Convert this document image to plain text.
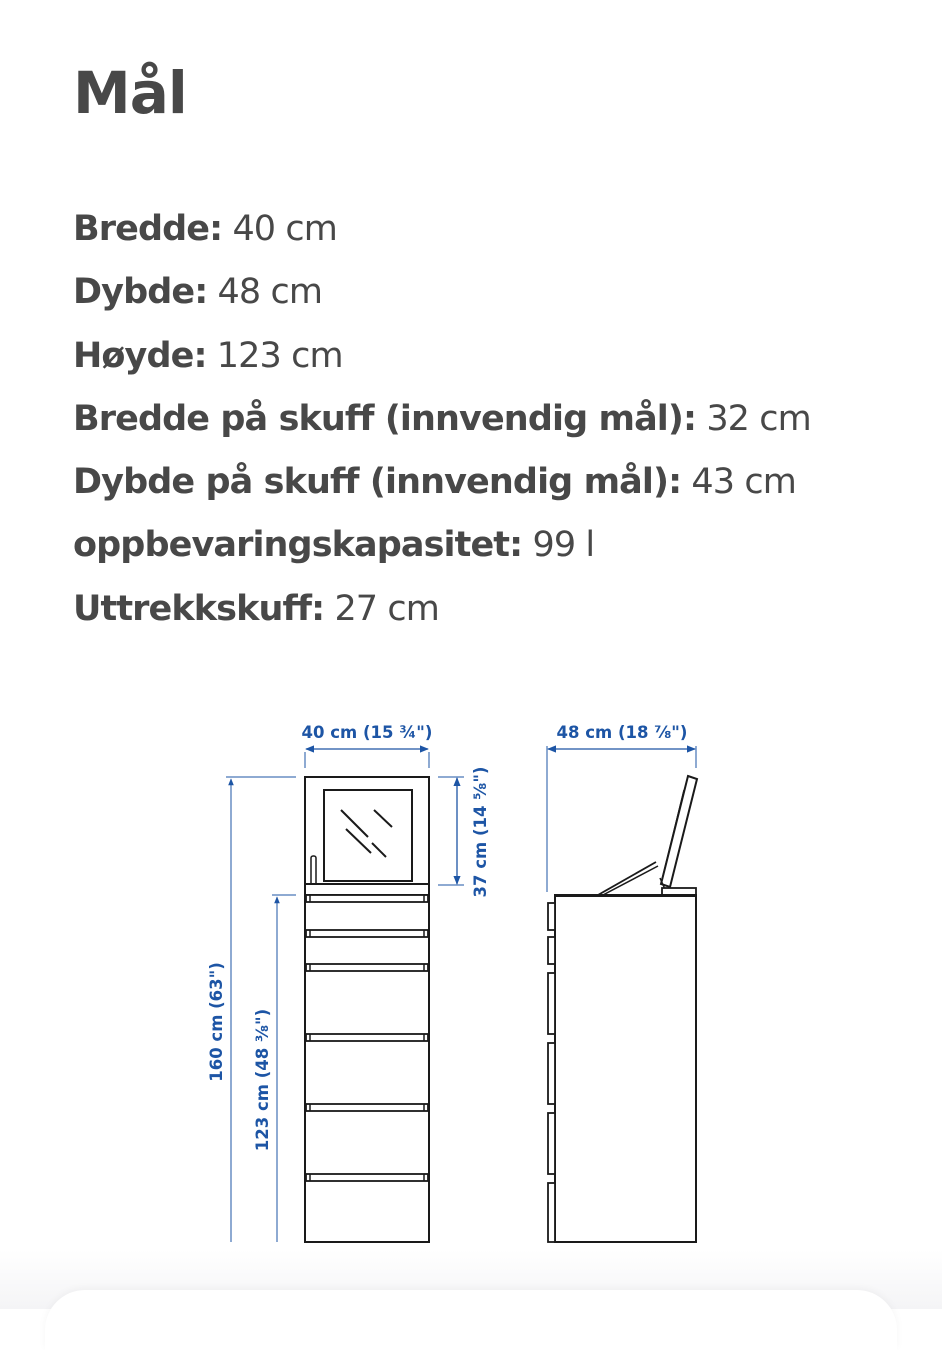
Mål
Bredde: 40 cm
Dybde: 48 cm
Høyde: 123 cm
Bredde på skuff (innvendig mål): 32 cm
Dybde på skuff (innvendig mål): 43 cm
oppbevaringskapasitet: 99 l
Uttrekkskuff: 27 cm
40 cm (15 ¾")
160 cm (63") 123 cm (48 ⅜")
37 cm (14 ⅝")
48 cm (18 ⅞")
